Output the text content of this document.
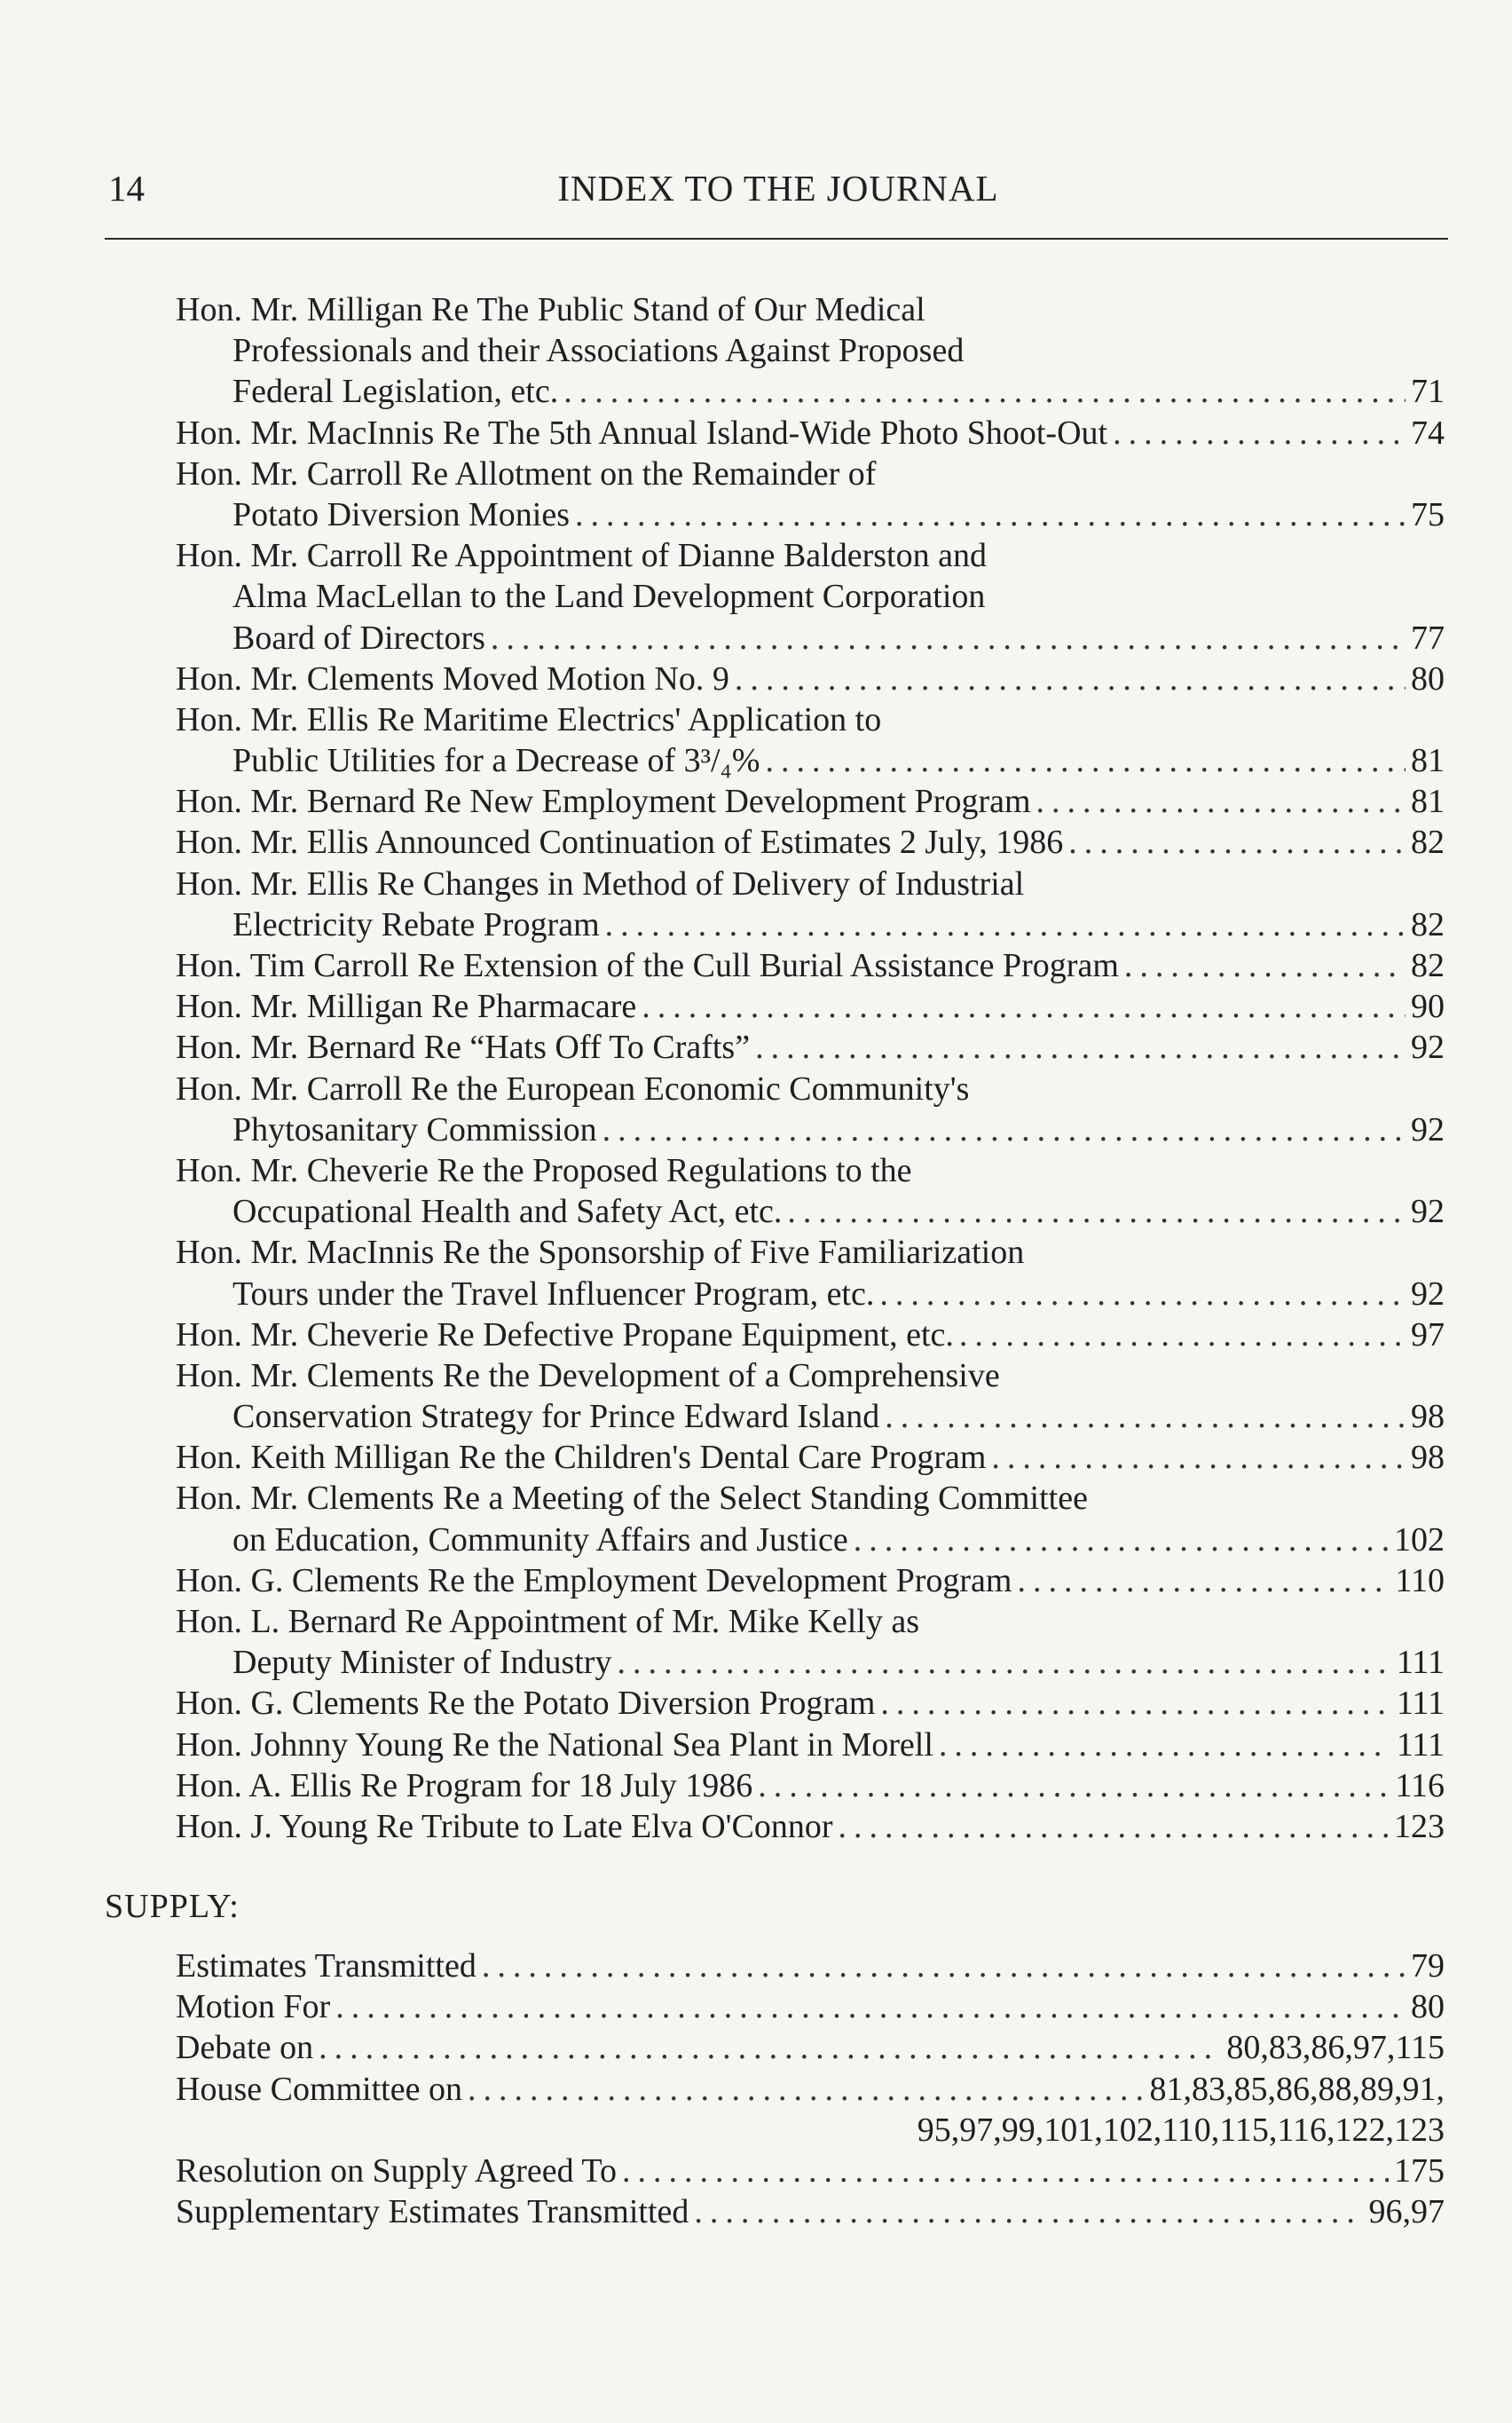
14	INDEX TO THE JOURNAL
Hon. Mr. Milligan Re The Public Stand of Our Medical
Professionals and their Associations Against Proposed
Federal Legislation, etc. .....	71
Hon. Mr. MacInnis Re The 5th Annual Island-Wide Photo Shoot-Out .....	74
Hon. Mr. Carroll Re Allotment on the Remainder of
Potato Diversion Monies .....	75
Hon. Mr. Carroll Re Appointment of Dianne Balderston and
Alma MacLellan to the Land Development Corporation
Board of Directors .....	77
Hon. Mr. Clements Moved Motion No. 9 .....	80
Hon. Mr. Ellis Re Maritime Electrics' Application to
Public Utilities for a Decrease of 3³/₄% .....	81
Hon. Mr. Bernard Re New Employment Development Program .....	81
Hon. Mr. Ellis Announced Continuation of Estimates 2 July, 1986 .....	82
Hon. Mr. Ellis Re Changes in Method of Delivery of Industrial
Electricity Rebate Program .....	82
Hon. Tim Carroll Re Extension of the Cull Burial Assistance Program .....	82
Hon. Mr. Milligan Re Pharmacare .....	90
Hon. Mr. Bernard Re “Hats Off To Crafts” .....	92
Hon. Mr. Carroll Re the European Economic Community's
Phytosanitary Commission .....	92
Hon. Mr. Cheverie Re the Proposed Regulations to the
Occupational Health and Safety Act, etc. .....	92
Hon. Mr. MacInnis Re the Sponsorship of Five Familiarization
Tours under the Travel Influencer Program, etc. .....	92
Hon. Mr. Cheverie Re Defective Propane Equipment, etc. .....	97
Hon. Mr. Clements Re the Development of a Comprehensive
Conservation Strategy for Prince Edward Island .....	98
Hon. Keith Milligan Re the Children's Dental Care Program .....	98
Hon. Mr. Clements Re a Meeting of the Select Standing Committee
on Education, Community Affairs and Justice .....	102
Hon. G. Clements Re the Employment Development Program .....	110
Hon. L. Bernard Re Appointment of Mr. Mike Kelly as
Deputy Minister of Industry .....	111
Hon. G. Clements Re the Potato Diversion Program .....	111
Hon. Johnny Young Re the National Sea Plant in Morell .....	111
Hon. A. Ellis Re Program for 18 July 1986 .....	116
Hon. J. Young Re Tribute to Late Elva O'Connor .....	123
SUPPLY:
Estimates Transmitted .....	79
Motion For .....	80
Debate on .....	80,83,86,97,115
House Committee on .....	81,83,85,86,88,89,91,
95,97,99,101,102,110,115,116,122,123
Resolution on Supply Agreed To .....	175
Supplementary Estimates Transmitted .....	96,97
